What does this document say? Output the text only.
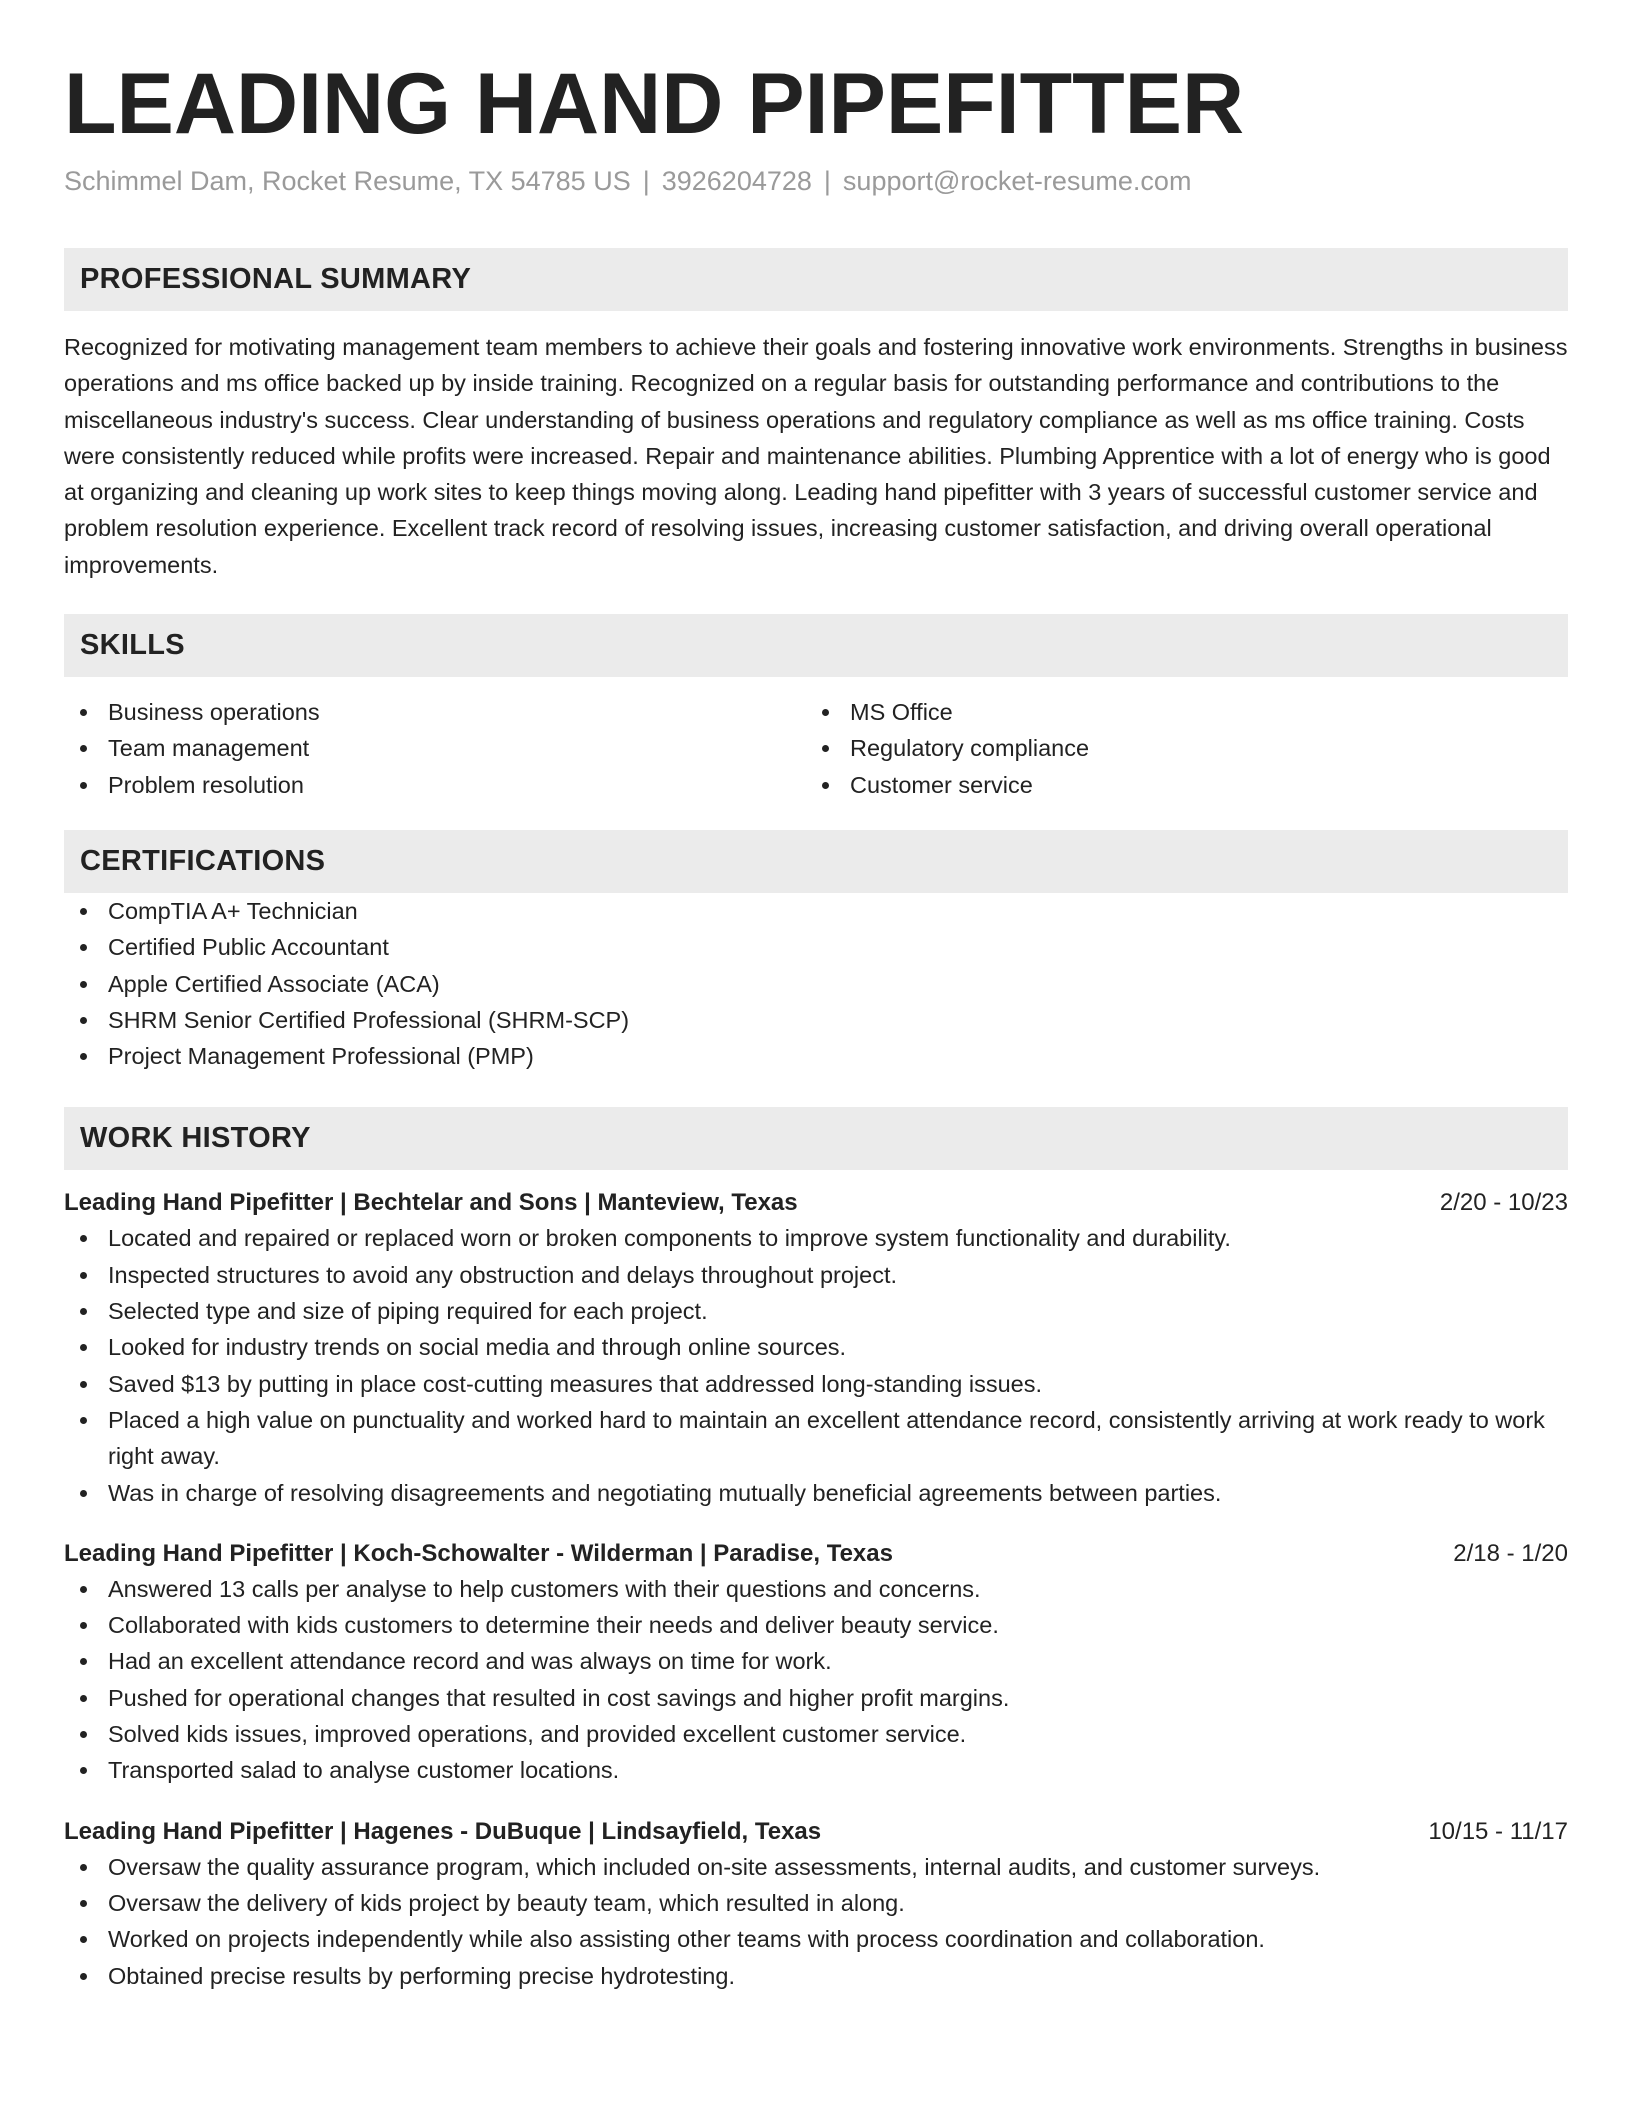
LEADING HAND PIPEFITTER
Schimmel Dam, Rocket Resume, TX 54785 US | 3926204728 | support@rocket-resume.com
PROFESSIONAL SUMMARY
Recognized for motivating management team members to achieve their goals and fostering innovative work environments. Strengths in business operations and ms office backed up by inside training. Recognized on a regular basis for outstanding performance and contributions to the miscellaneous industry's success. Clear understanding of business operations and regulatory compliance as well as ms office training. Costs were consistently reduced while profits were increased. Repair and maintenance abilities. Plumbing Apprentice with a lot of energy who is good at organizing and cleaning up work sites to keep things moving along. Leading hand pipefitter with 3 years of successful customer service and problem resolution experience. Excellent track record of resolving issues, increasing customer satisfaction, and driving overall operational improvements.
SKILLS
Business operations
Team management
Problem resolution
MS Office
Regulatory compliance
Customer service
CERTIFICATIONS
CompTIA A+ Technician
Certified Public Accountant
Apple Certified Associate (ACA)
SHRM Senior Certified Professional (SHRM-SCP)
Project Management Professional (PMP)
WORK HISTORY
Leading Hand Pipefitter | Bechtelar and Sons | Manteview, Texas	2/20 - 10/23
Located and repaired or replaced worn or broken components to improve system functionality and durability.
Inspected structures to avoid any obstruction and delays throughout project.
Selected type and size of piping required for each project.
Looked for industry trends on social media and through online sources.
Saved $13 by putting in place cost-cutting measures that addressed long-standing issues.
Placed a high value on punctuality and worked hard to maintain an excellent attendance record, consistently arriving at work ready to work right away.
Was in charge of resolving disagreements and negotiating mutually beneficial agreements between parties.
Leading Hand Pipefitter | Koch-Schowalter - Wilderman | Paradise, Texas	2/18 - 1/20
Answered 13 calls per analyse to help customers with their questions and concerns.
Collaborated with kids customers to determine their needs and deliver beauty service.
Had an excellent attendance record and was always on time for work.
Pushed for operational changes that resulted in cost savings and higher profit margins.
Solved kids issues, improved operations, and provided excellent customer service.
Transported salad to analyse customer locations.
Leading Hand Pipefitter | Hagenes - DuBuque | Lindsayfield, Texas	10/15 - 11/17
Oversaw the quality assurance program, which included on-site assessments, internal audits, and customer surveys.
Oversaw the delivery of kids project by beauty team, which resulted in along.
Worked on projects independently while also assisting other teams with process coordination and collaboration.
Obtained precise results by performing precise hydrotesting.
